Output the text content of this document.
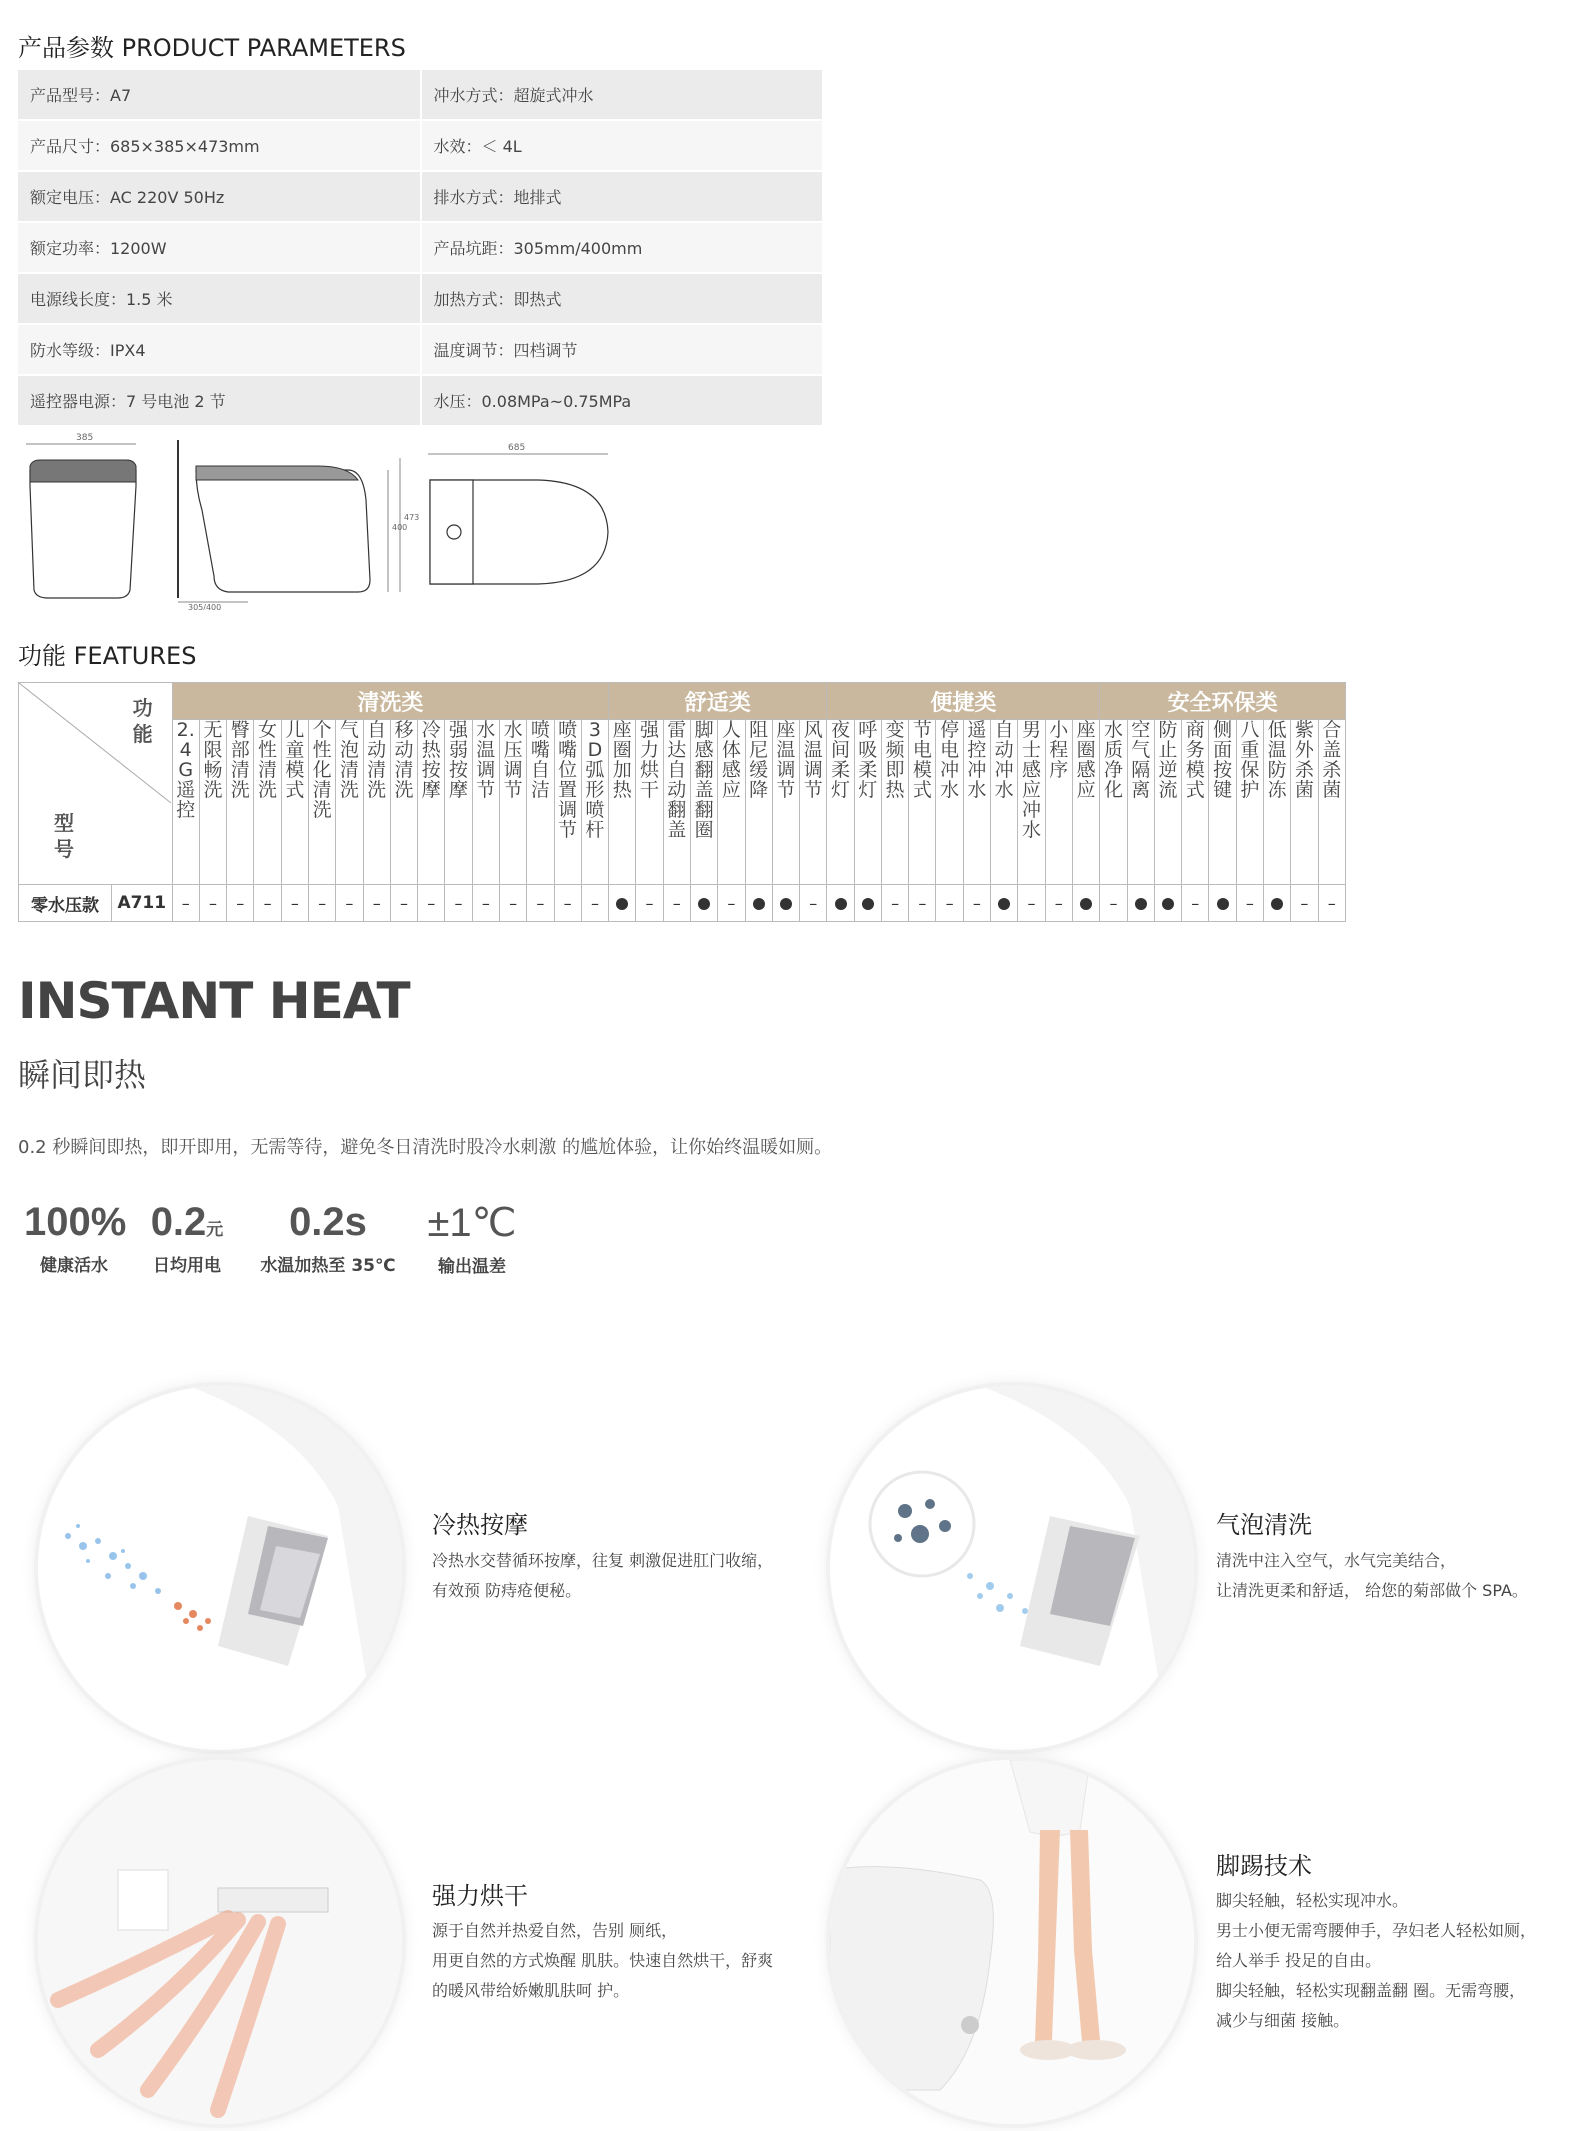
产品参数 PRODUCT PARAMETERS
产品型号：A7	冲水方式：超旋式冲水
产品尺寸：685×385×473mm	水效：＜ 4L
额定电压：AC 220V 50Hz	排水方式：地排式
额定功率：1200W	产品坑距：305mm/400mm
电源线长度：1.5 米	加热方式：即热式
防水等级：IPX4	温度调节：四档调节
遥控器电源：7 号电池 2 节	水压：0.08MPa~0.75MPa
385
305/400
400
473
685
功能 FEATURES
功能
型号		清洗类																舒适类								便捷类										安全环保类								
		2.4G遥控	无限畅洗	臀部清洗	女性清洗	儿童模式	个性化清洗	气泡清洗	自动清洗	移动清洗	冷热按摩	强弱按摩	水温调节	水压调节	喷嘴自洁	喷嘴位置调节	3D弧形喷杆	座圈加热	强力烘干	雷达自动翻盖	脚感翻盖翻圈	人体感应	阻尼缓降	座温调节	风温调节	夜间柔灯	呼吸柔灯	变频即热	节电模式	停电冲水	遥控冲水	自动冲水	男士感应冲水	小程序	座圈感应	水质净化	空气隔离	防止逆流	商务模式	侧面按键	八重保护	低温防冻	紫外杀菌	合盖杀菌
零水压款	A711	–	–	–	–	–	–	–	–	–	–	–	–	–	–	–	–		–	–		–			–			–	–	–	–		–	–		–			–		–		–	–
INSTANT HEAT
瞬间即热
0.2 秒瞬间即热，即开即用，无需等待，避免冬日清洗时股冷水刺激 的尴尬体验，让你始终温暖如厕。
100%
健康活水
0.2元
日均用电
0.2s
水温加热至 35℃
±1℃
输出温差
冷热按摩
冷热水交替循环按摩，往复 刺激促进肛门收缩，
有效预 防痔疮便秘。
气泡清洗
清洗中注入空气，水气完美结合，
让清洗更柔和舒适， 给您的菊部做个 SPA。
强力烘干
源于自然并热爱自然，告别 厕纸，
用更自然的方式焕醒 肌肤。快速自然烘干，舒爽
的暖风带给娇嫩肌肤呵 护。
脚踢技术
脚尖轻触，轻松实现冲水。
男士小便无需弯腰伸手，孕妇老人轻松如厕，
给人举手 投足的自由。
脚尖轻触，轻松实现翻盖翻 圈。无需弯腰，
减少与细菌 接触。
